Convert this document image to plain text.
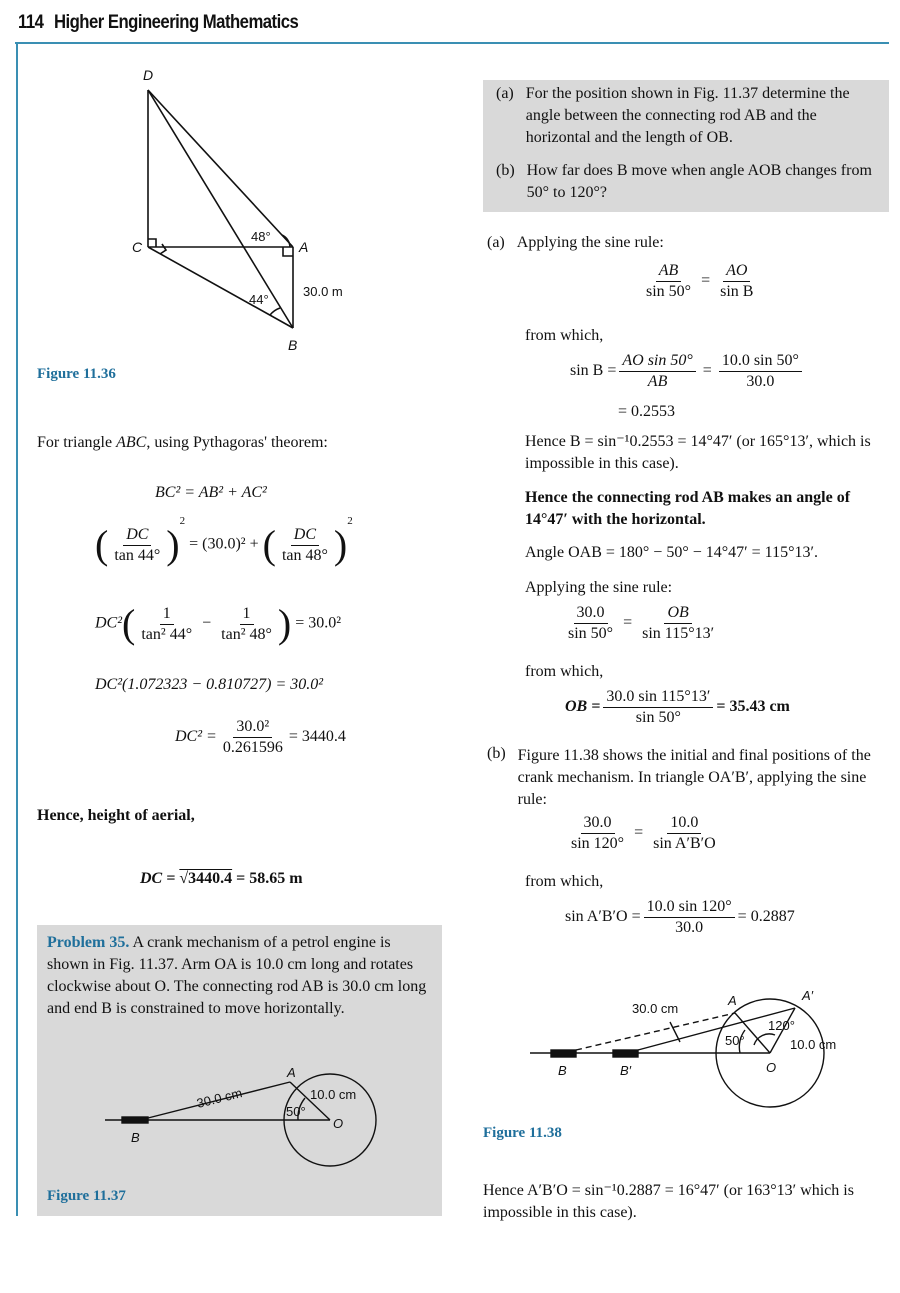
114 Higher Engineering Mathematics
D
C	A
B
48°
44°
30.0 m
Figure 11.36

For triangle ABC, using Pythagoras' theorem:

BC² = AB² + AC²
( $\frac{DC}{\tan 44^\circ} )^2 = (30.0)^2$ + ( $\frac{DC}{\tan 48^\circ} )^2$
$DC^2( \frac{1}{\text{tan² 44°}} - \frac{1}{\text{tan² 48°}}$ ) = 30.0²
DC²(1.072323 − 0.810727) = 30.0²
$DC^2 = \frac{\text{30.0²}}{0.261596} = 3440.4$

Hence, height of aerial,

DC = √3440.4 = 58.65 m

Problem 35. A crank mechanism of a petrol engine is shown in Fig. 11.37. Arm OA is 10.0 cm long and rotates clockwise about O. The connecting rod AB is 30.0 cm long and end B is constrained to move horizontally.

A
B
O
30.0 cm	10.0 cm
50°
Figure 11.37

(a) For the position shown in Fig. 11.37 determine the angle between the connecting rod AB and the horizontal and the length of OB.

(b) How far does B move when angle AOB changes from 50° to 120°?

(a) Applying the sine rule:

$\frac{AB}{\sin 50^\circ} = \frac{AO}{\text{sin B}}$

from which,

$\sin B = \frac{\text{AO sin 50°}}{AB} = \frac{10.0 \sin 50^\circ}{30.0}$

= 0.2553

Hence B = sin⁻¹0.2553 = 14°47′ (or 165°13′, which is impossible in this case).

Hence the connecting rod AB makes an angle of 14°47′ with the horizontal.

Angle OAB = 180° − 50° − 14°47′ = 115°13′.

Applying the sine rule:

$\frac{30.0}{\sin 50^\circ} = \frac{OB}{\sin 115^\circ 13'}$

from which,

OB = $\frac{30.0 \sin 115^\circ 13'}{\sin 50^\circ} = 35.43$ cm
(b) Figure 11.38 shows the initial and final positions of the crank mechanism. In triangle OA′B′, applying the sine rule:

$\frac{30.0}{\sin 120^\circ} = \frac{10.0}{\text{sin A′B′O}}$

from which,

$\sin A'B'O = \frac{10.0 \sin 120^\circ}{30.0} = 0.2887$
A	A′
B	B′	O
30.0 cm
10.0 cm
50°
120°
Figure 11.38

Hence A′B′O = sin⁻¹0.2887 = 16°47′ (or 163°13′ which is impossible in this case).
